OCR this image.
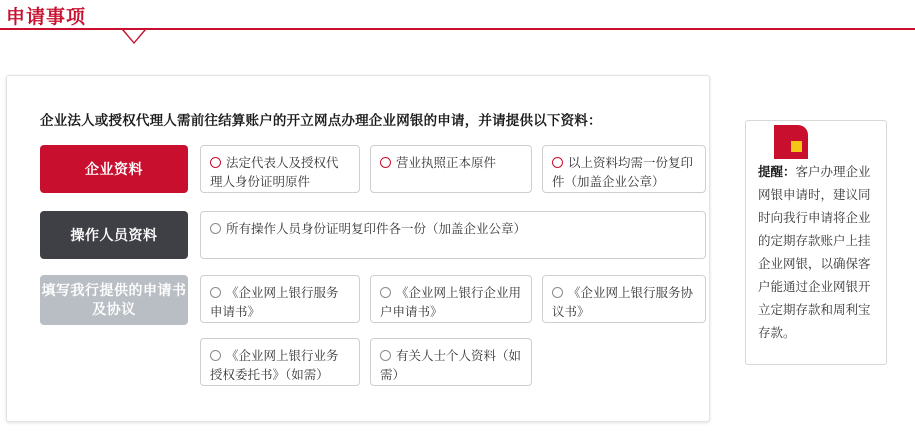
申请事项
企业法人或授权代理人需前往结算账户的开立网点办理企业网银的申请，并请提供以下资料：
企业资料	法定代表人及授权代理人身份证明原件
营业执照正本原件	以上资料均需一份复印件（加盖企业公章）
操作人员资料	所有操作人员身份证明复印件各一份（加盖企业公章）
填写我行提供的申请书及协议
《企业网上银行服务申请书》
《企业网上银行企业用户申请书》
《企业网上银行服务协议书》
《企业网上银行业务授权委托书》（如需）
有关人士个人资料（如需）
提醒：客户办理企业网银申请时，建议同时向我行申请将企业的定期存款账户上挂企业网银，以确保客户能通过企业网银开立定期存款和周利宝存款。
